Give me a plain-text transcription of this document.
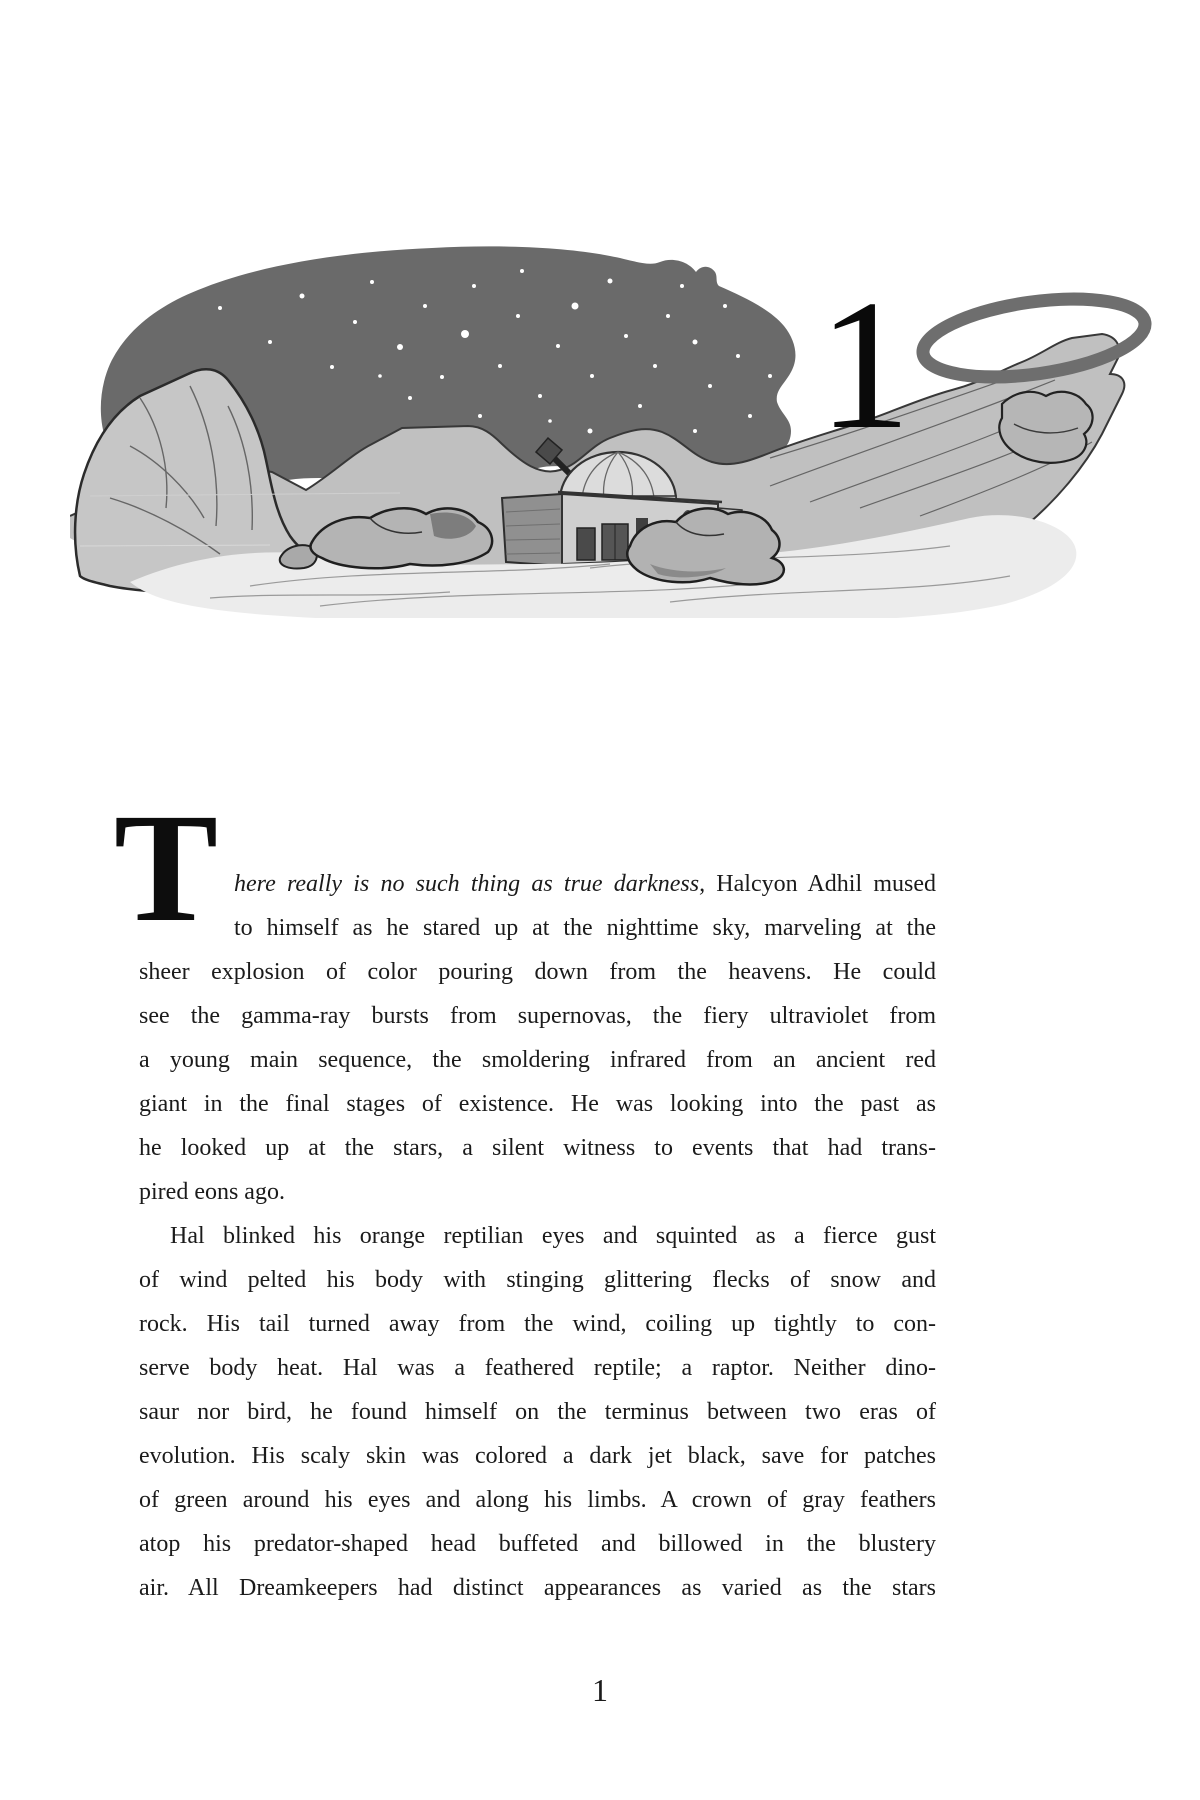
1
T here really is no such thing as true darkness, Halcyon Adhil mused
to himself as he stared up at the nighttime sky, marveling at the
sheer explosion of color pouring down from the heavens. He could
see the gamma-ray bursts from supernovas, the fiery ultraviolet from
a young main sequence, the smoldering infrared from an ancient red
giant in the final stages of existence. He was looking into the past as
he looked up at the stars, a silent witness to events that had trans-
pired eons ago.
Hal blinked his orange reptilian eyes and squinted as a fierce gust
of wind pelted his body with stinging glittering flecks of snow and
rock. His tail turned away from the wind, coiling up tightly to con-
serve body heat. Hal was a feathered reptile; a raptor. Neither dino-
saur nor bird, he found himself on the terminus between two eras of
evolution. His scaly skin was colored a dark jet black, save for patches
of green around his eyes and along his limbs. A crown of gray feathers
atop his predator-shaped head buffeted and billowed in the blustery
air. All Dreamkeepers had distinct appearances as varied as the stars
1
